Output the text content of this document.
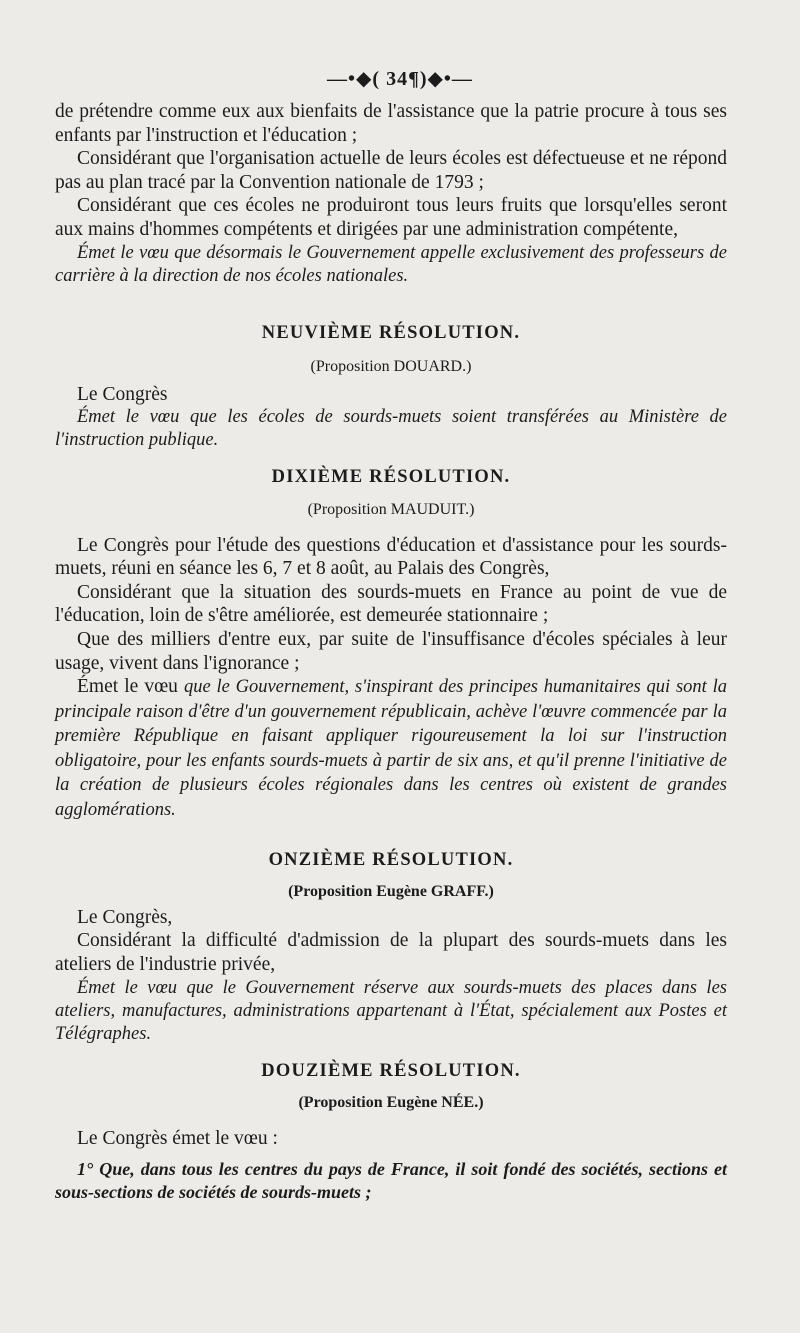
—•◆( 34¶)◆•—

de prétendre comme eux aux bienfaits de l'assistance que la patrie procure à tous ses enfants par l'instruction et l'éducation ;

Considérant que l'organisation actuelle de leurs écoles est défectueuse et ne répond pas au plan tracé par la Convention nationale de 1793 ;

Considérant que ces écoles ne produiront tous leurs fruits que lorsqu'elles seront aux mains d'hommes compétents et dirigées par une administration compétente,

Émet le vœu que désormais le Gouvernement appelle exclusivement des professeurs de carrière à la direction de nos écoles nationales.

NEUVIÈME RÉSOLUTION.

(Proposition DOUARD.)

Le Congrès

Émet le vœu que les écoles de sourds-muets soient transférées au Ministère de l'instruction publique.

DIXIÈME RÉSOLUTION.

(Proposition MAUDUIT.)

Le Congrès pour l'étude des questions d'éducation et d'assistance pour les sourds-muets, réuni en séance les 6, 7 et 8 août, au Palais des Congrès,

Considérant que la situation des sourds-muets en France au point de vue de l'éducation, loin de s'être améliorée, est demeurée stationnaire ;

Que des milliers d'entre eux, par suite de l'insuffisance d'écoles spéciales à leur usage, vivent dans l'ignorance ;

Émet le vœu que le Gouvernement, s'inspirant des principes humanitaires qui sont la principale raison d'être d'un gouvernement républicain, achève l'œuvre commencée par la première République en faisant appliquer rigoureusement la loi sur l'instruction obligatoire, pour les enfants sourds-muets à partir de six ans, et qu'il prenne l'initiative de la création de plusieurs écoles régionales dans les centres où existent de grandes agglomérations.

ONZIÈME RÉSOLUTION.

(Proposition Eugène GRAFF.)

Le Congrès,

Considérant la difficulté d'admission de la plupart des sourds-muets dans les ateliers de l'industrie privée,

Émet le vœu que le Gouvernement réserve aux sourds-muets des places dans les ateliers, manufactures, administrations appartenant à l'État, spécialement aux Postes et Télégraphes.

DOUZIÈME RÉSOLUTION.

(Proposition Eugène NÉE.)

Le Congrès émet le vœu :

1° Que, dans tous les centres du pays de France, il soit fondé des sociétés, sections et sous-sections de sociétés de sourds-muets ;
